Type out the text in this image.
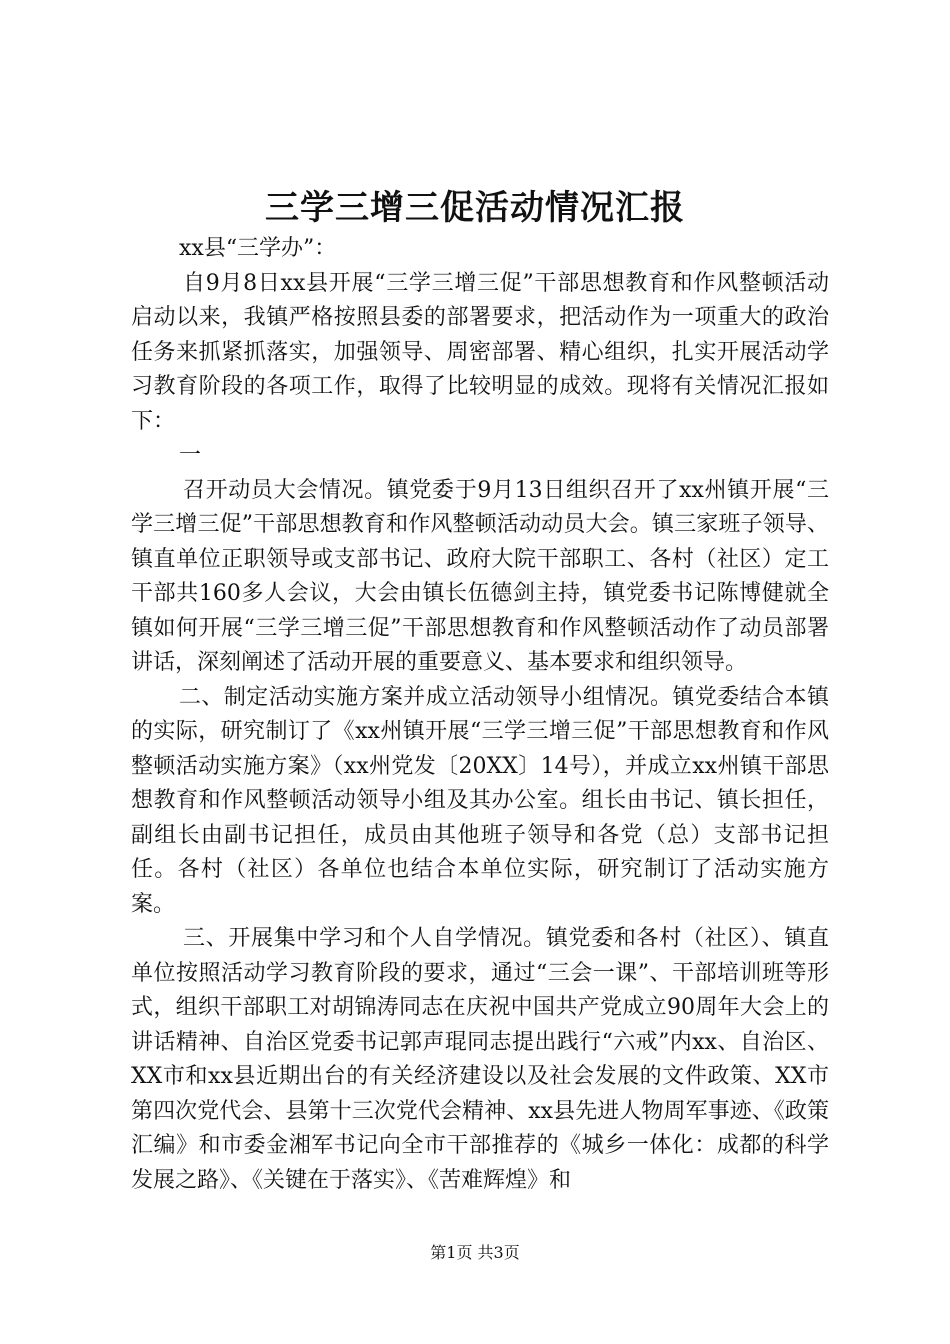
三学三增三促活动情况汇报

xx县“三学办”：

自9月8日xx县开展“三学三增三促”干部思想教育和作风整顿活动启动以来，我镇严格按照县委的部署要求，把活动作为一项重大的政治任务来抓紧抓落实，加强领导、周密部署、精心组织，扎实开展活动学习教育阶段的各项工作，取得了比较明显的成效。现将有关情况汇报如下：

一

召开动员大会情况。镇党委于9月13日组织召开了xx州镇开展“三学三增三促”干部思想教育和作风整顿活动动员大会。镇三家班子领导、镇直单位正职领导或支部书记、政府大院干部职工、各村（社区）定工干部共160多人会议，大会由镇长伍德剑主持，镇党委书记陈博健就全镇如何开展“三学三增三促”干部思想教育和作风整顿活动作了动员部署讲话，深刻阐述了活动开展的重要意义、基本要求和组织领导。

二、制定活动实施方案并成立活动领导小组情况。镇党委结合本镇的实际，研究制订了《xx州镇开展“三学三增三促”干部思想教育和作风整顿活动实施方案》（xx州党发〔20XX〕14号），并成立xx州镇干部思想教育和作风整顿活动领导小组及其办公室。组长由书记、镇长担任，副组长由副书记担任，成员由其他班子领导和各党（总）支部书记担任。各村（社区）各单位也结合本单位实际，研究制订了活动实施方案。

三、开展集中学习和个人自学情况。镇党委和各村（社区）、镇直单位按照活动学习教育阶段的要求，通过“三会一课”、干部培训班等形式，组织干部职工对胡锦涛同志在庆祝中国共产党成立90周年大会上的讲话精神、自治区党委书记郭声琨同志提出践行“六戒”内xx、自治区、XX市和xx县近期出台的有关经济建设以及社会发展的文件政策、XX市第四次党代会、县第十三次党代会精神、xx县先进人物周军事迹、《政策汇编》和市委金湘军书记向全市干部推荐的《城乡一体化：成都的科学发展之路》、《关键在于落实》、《苦难辉煌》和

第1页 共3页
